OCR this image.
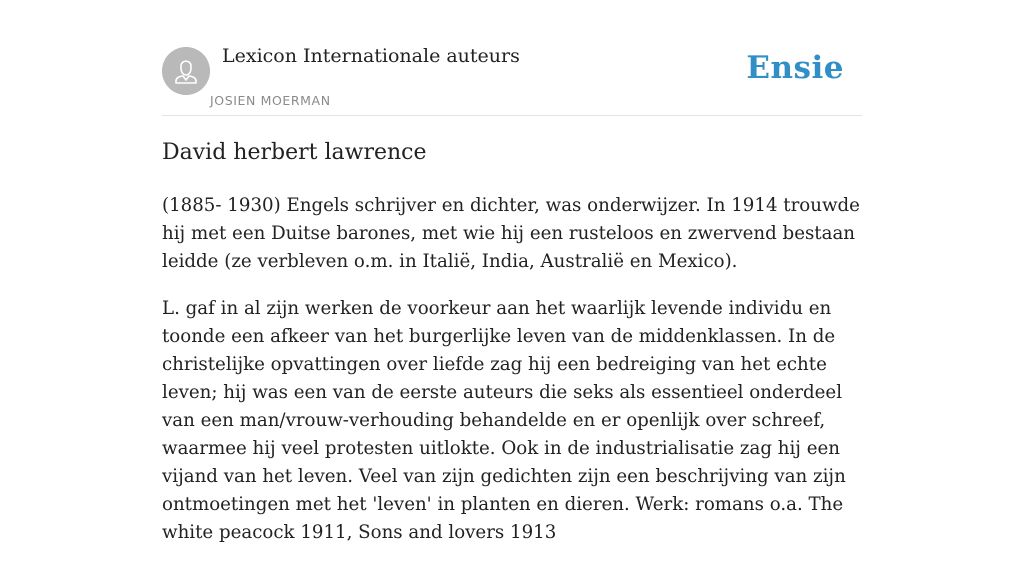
Lexicon Internationale auteurs
JOSIEN MOERMAN
Ensie
David herbert lawrence

(1885- 1930) Engels schrijver en dichter, was onderwijzer. In 1914 trouwde hij met een Duitse barones, met wie hij een rusteloos en zwervend bestaan leidde (ze verbleven o.m. in Italië, India, Australië en Mexico).

L. gaf in al zijn werken de voorkeur aan het waarlijk levende individu en toonde een afkeer van het burgerlijke leven van de middenklassen. In de christelijke opvattingen over liefde zag hij een bedreiging van het echte leven; hij was een van de eerste auteurs die seks als essentieel onderdeel van een man/vrouw-verhouding behandelde en er openlijk over schreef, waarmee hij veel protesten uitlokte. Ook in de industrialisatie zag hij een vijand van het leven. Veel van zijn gedichten zijn een beschrijving van zijn ontmoetingen met het 'leven' in planten en dieren. Werk: romans o.a. The white peacock 1911, Sons and lovers 1913
